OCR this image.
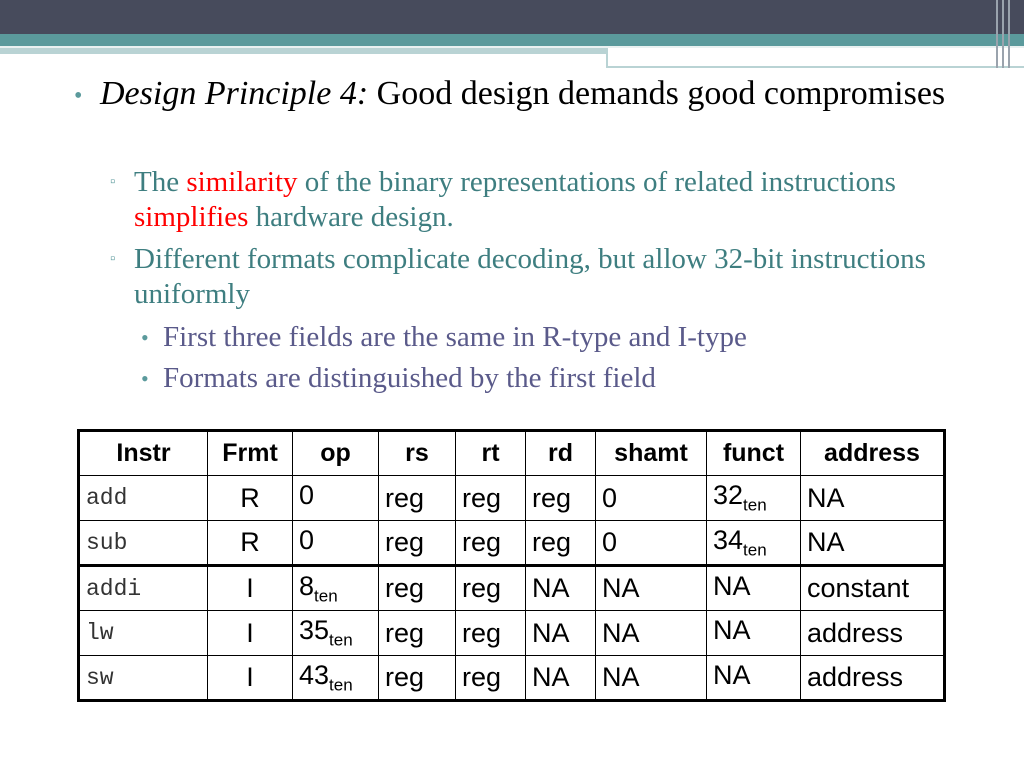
• Design Principle 4: Good design demands good compromises
▫ The similarity of the binary representations of related instructions simplifies hardware design.
▫ Different formats complicate decoding, but allow 32-bit instructions uniformly
• First three fields are the same in R-type and I-type
• Formats are distinguished by the first field
Instr	Frmt	op	rs	rt	rd	shamt	funct	address
add	R	0	reg	reg	reg	0	$32_{ten}$	NA
sub	R	0	reg	reg	reg	0	$34_{ten}$	NA
addi	I	$8_{ten}$	reg	reg	NA	NA	NA	constant
lw	I	$35_{ten}$	reg	reg	NA	NA	NA	address
sw	I	$43_{ten}$	reg	reg	NA	NA	NA	address
